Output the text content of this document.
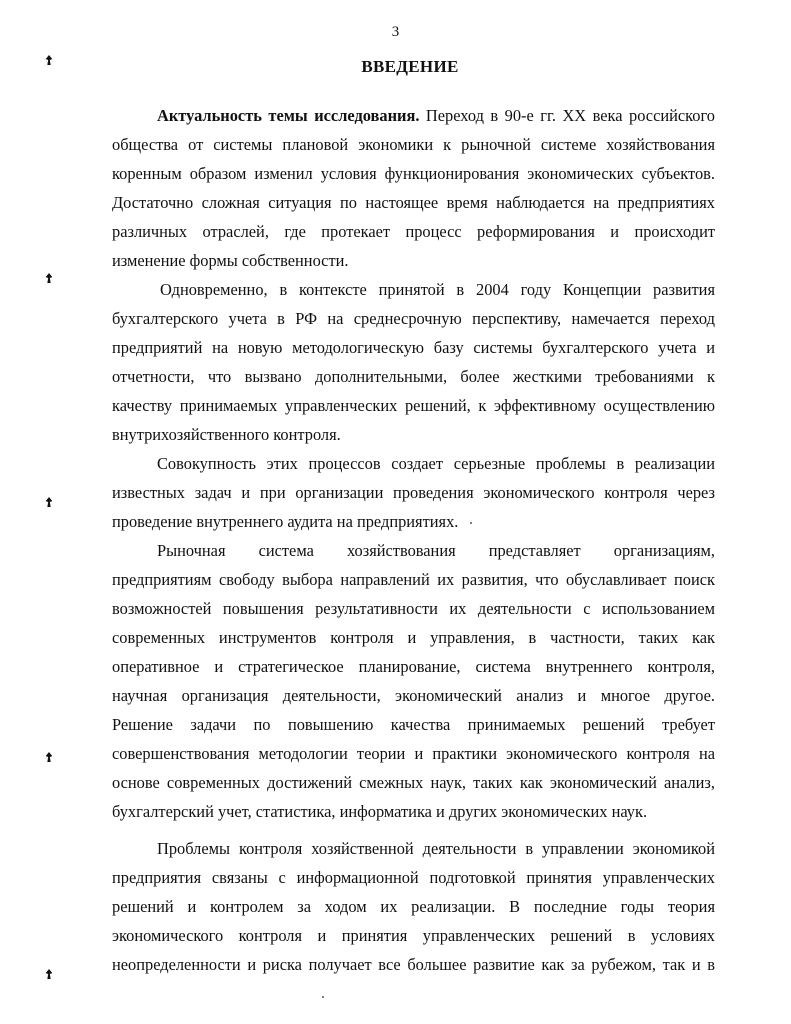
3
ВВЕДЕНИЕ
Актуальность темы исследования. Переход в 90-е гг. XX века российского
общества от системы плановой экономики к рыночной системе хозяйствования
коренным образом изменил условия функционирования экономических субъектов.
Достаточно сложная ситуация по настоящее время наблюдается на предприятиях
различных отраслей, где протекает процесс реформирования и происходит
изменение формы собственности.
Одновременно, в контексте принятой в 2004 году Концепции развития
бухгалтерского учета в РФ на среднесрочную перспективу, намечается переход
предприятий на новую методологическую базу системы бухгалтерского учета и
отчетности, что вызвано дополнительными, более жесткими требованиями к
качеству принимаемых управленческих решений, к эффективному осуществлению
внутрихозяйственного контроля.
Совокупность этих процессов создает серьезные проблемы в реализации
известных задач и при организации проведения экономического контроля через
проведение внутреннего аудита на предприятиях.
Рыночная система хозяйствования представляет организациям,
предприятиям свободу выбора направлений их развития, что обуславливает поиск
возможностей повышения результативности их деятельности с использованием
современных инструментов контроля и управления, в частности, таких как
оперативное и стратегическое планирование, система внутреннего контроля,
научная организация деятельности, экономический анализ и многое другое.
Решение задачи по повышению качества принимаемых решений требует
совершенствования методологии теории и практики экономического контроля на
основе современных достижений смежных наук, таких как экономический анализ,
бухгалтерский учет, статистика, информатика и других экономических наук.
Проблемы контроля хозяйственной деятельности в управлении экономикой
предприятия связаны с информационной подготовкой принятия управленческих
решений и контролем за ходом их реализации. В последние годы теория
экономического контроля и принятия управленческих решений в условиях
неопределенности и риска получает все большее развитие как за рубежом, так и в
